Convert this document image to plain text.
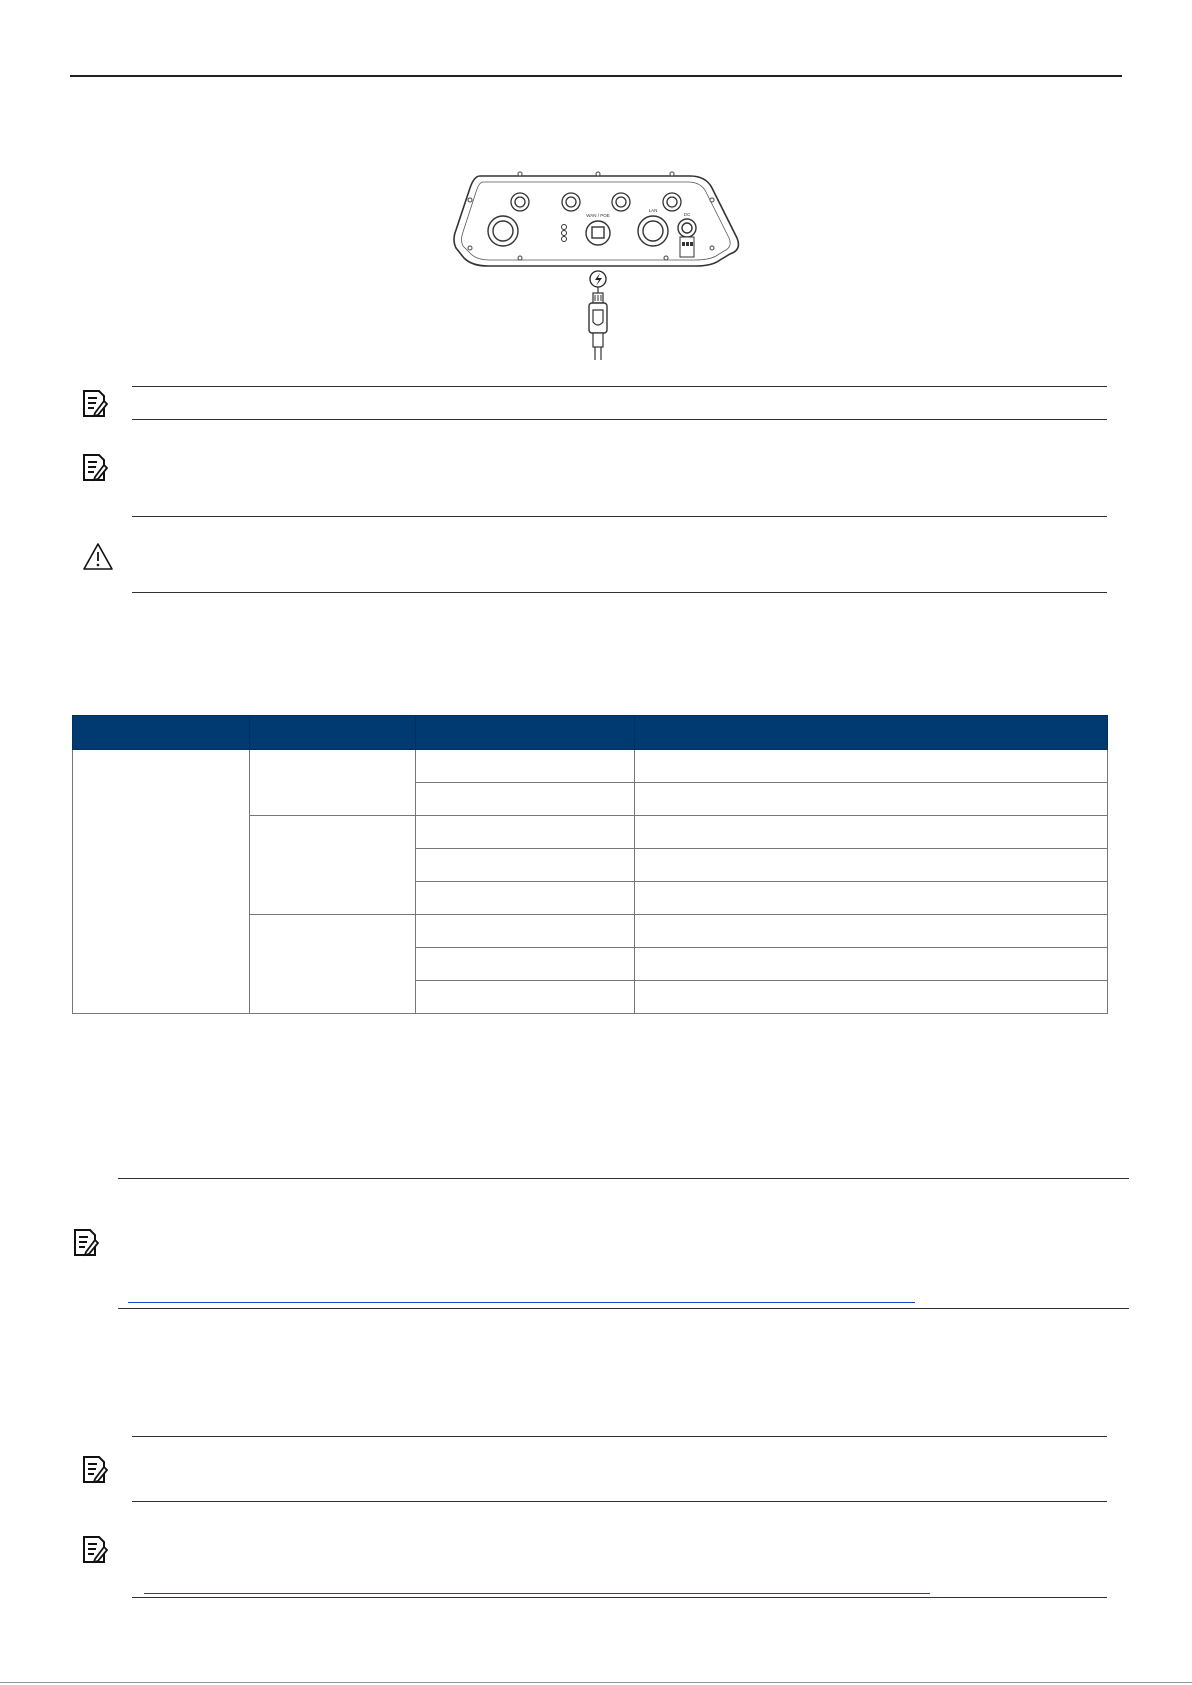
WAN / POE
LAN
DC
